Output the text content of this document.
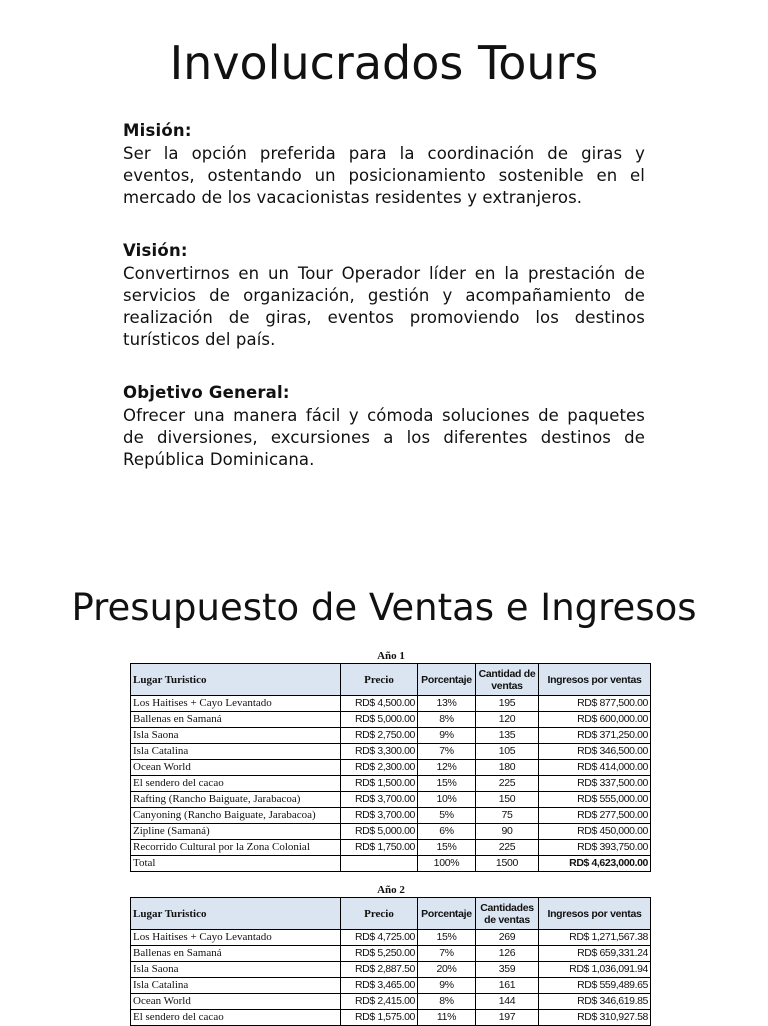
Involucrados Tours
Misión:

Ser la opción preferida para la coordinación de giras y eventos, ostentando un posicionamiento sostenible en el mercado de los vacacionistas residentes y extranjeros.

Visión:

Convertirnos en un Tour Operador líder en la prestación de servicios de organización, gestión y acompañamiento de realización de giras, eventos promoviendo los destinos turísticos del país.

Objetivo General:

Ofrecer una manera fácil y cómoda soluciones de paquetes de diversiones, excursiones a los diferentes destinos de República Dominicana.

Presupuesto de Ventas e Ingresos
Año 1
Lugar Turistico	Precio	Porcentaje	Cantidad de ventas	Ingresos por ventas
Los Haitises + Cayo Levantado	RD$ 4,500.00	13%	195	RD$ 877,500.00
Ballenas en Samaná	RD$ 5,000.00	8%	120	RD$ 600,000.00
Isla Saona	RD$ 2,750.00	9%	135	RD$ 371,250.00
Isla Catalina	RD$ 3,300.00	7%	105	RD$ 346,500.00
Ocean World	RD$ 2,300.00	12%	180	RD$ 414,000.00
El sendero del cacao	RD$ 1,500.00	15%	225	RD$ 337,500.00
Rafting (Rancho Baiguate, Jarabacoa)	RD$ 3,700.00	10%	150	RD$ 555,000.00
Canyoning (Rancho Baiguate, Jarabacoa)	RD$ 3,700.00	5%	75	RD$ 277,500.00
Zipline (Samaná)	RD$ 5,000.00	6%	90	RD$ 450,000.00
Recorrido Cultural por la Zona Colonial	RD$ 1,750.00	15%	225	RD$ 393,750.00
Total		100%	1500	RD$ 4,623,000.00
Año 2
Lugar Turistico	Precio	Porcentaje	Cantidades de ventas	Ingresos por ventas
Los Haitises + Cayo Levantado	RD$ 4,725.00	15%	269	RD$ 1,271,567.38
Ballenas en Samaná	RD$ 5,250.00	7%	126	RD$ 659,331.24
Isla Saona	RD$ 2,887.50	20%	359	RD$ 1,036,091.94
Isla Catalina	RD$ 3,465.00	9%	161	RD$ 559,489.65
Ocean World	RD$ 2,415.00	8%	144	RD$ 346,619.85
El sendero del cacao	RD$ 1,575.00	11%	197	RD$ 310,927.58
